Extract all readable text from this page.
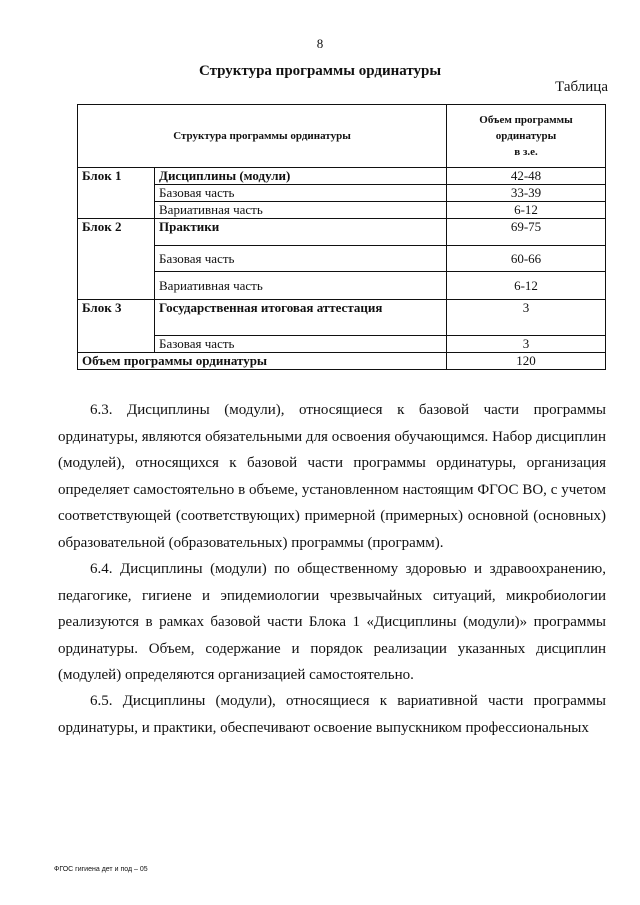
8
Структура программы ординатуры
Таблица
Структура программы ординатуры		Объем программы
ординатуры
в з.е.
Блок 1	Дисциплины (модули)	42-48
	Базовая часть	33-39
	Вариативная часть	6-12
Блок 2	Практики	69-75
	Базовая часть	60-66
	Вариативная часть	6-12
Блок 3	Государственная итоговая аттестация	3
	Базовая часть	3
Объем программы ординатуры		120

6.3. Дисциплины (модули), относящиеся к базовой части программы ординатуры, являются обязательными для освоения обучающимся. Набор дисциплин (модулей), относящихся к базовой части программы ординатуры, организация определяет самостоятельно в объеме, установленном настоящим ФГОС ВО, с учетом соответствующей (соответствующих) примерной (примерных) основной (основных) образовательной (образовательных) программы (программ).

6.4. Дисциплины (модули) по общественному здоровью и здравоохранению, педагогике, гигиене и эпидемиологии чрезвычайных ситуаций, микробиологии реализуются в рамках базовой части Блока 1 «Дисциплины (модули)» программы ординатуры. Объем, содержание и порядок реализации указанных дисциплин (модулей) определяются организацией самостоятельно.

6.5. Дисциплины (модули), относящиеся к вариативной части программы ординатуры, и практики, обеспечивают освоение выпускником профессиональных

ФГОС гигиена дет и под – 05
